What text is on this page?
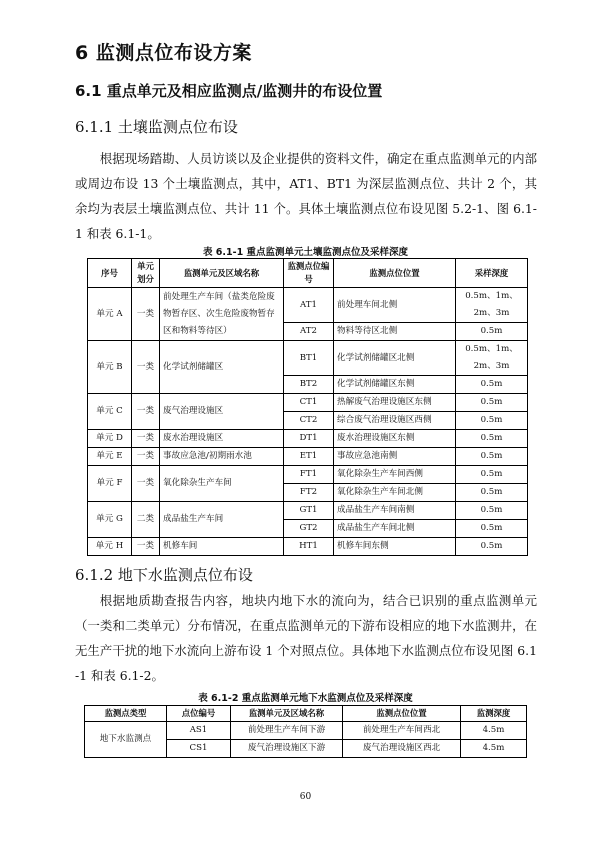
6 监测点位布设方案
6.1 重点单元及相应监测点/监测井的布设位置
6.1.1 土壤监测点位布设
根据现场踏勘、人员访谈以及企业提供的资料文件，确定在重点监测单元的内部或周边布设 13 个土壤监测点，其中，AT1、BT1 为深层监测点位、共计 2 个，其余均为表层土壤监测点位、共计 11 个。具体土壤监测点位布设见图 5.2-1、图 6.1-1 和表 6.1-1。
表 6.1-1 重点监测单元土壤监测点位及采样深度
序号	单元划分	监测单元及区域名称	监测点位编号	监测点位位置	采样深度
单元 A	一类	前处理生产车间（盐类危险废物暂存区、次生危险废物暂存区和物料等待区）	AT1	前处理车间北侧	0.5m、1m、2m、3m
			AT2	物料等待区北侧	0.5m
单元 B	一类	化学试剂储罐区	BT1	化学试剂储罐区北侧	0.5m、1m、2m、3m
			BT2	化学试剂储罐区东侧	0.5m
单元 C	一类	废气治理设施区	CT1	热解废气治理设施区东侧	0.5m
			CT2	综合废气治理设施区西侧	0.5m
单元 D	一类	废水治理设施区	DT1	废水治理设施区东侧	0.5m
单元 E	一类	事故应急池/初期雨水池	ET1	事故应急池南侧	0.5m
单元 F	一类	氧化除杂生产车间	FT1	氧化除杂生产车间西侧	0.5m
			FT2	氧化除杂生产车间北侧	0.5m
单元 G	二类	成品盐生产车间	GT1	成品盐生产车间南侧	0.5m
			GT2	成品盐生产车间北侧	0.5m
单元 H	一类	机修车间	HT1	机修车间东侧	0.5m
6.1.2 地下水监测点位布设
根据地质勘查报告内容，地块内地下水的流向为，结合已识别的重点监测单元（一类和二类单元）分布情况，在重点监测单元的下游布设相应的地下水监测井，在无生产干扰的地下水流向上游布设 1 个对照点位。具体地下水监测点位布设见图 6.1-1 和表 6.1-2。
表 6.1-2 重点监测单元地下水监测点位及采样深度
监测点类型	点位编号	监测单元及区域名称	监测点位位置	监测深度
地下水监测点	AS1	前处理生产车间下游	前处理生产车间西北	4.5m
	CS1	废气治理设施区下游	废气治理设施区西北	4.5m
60
